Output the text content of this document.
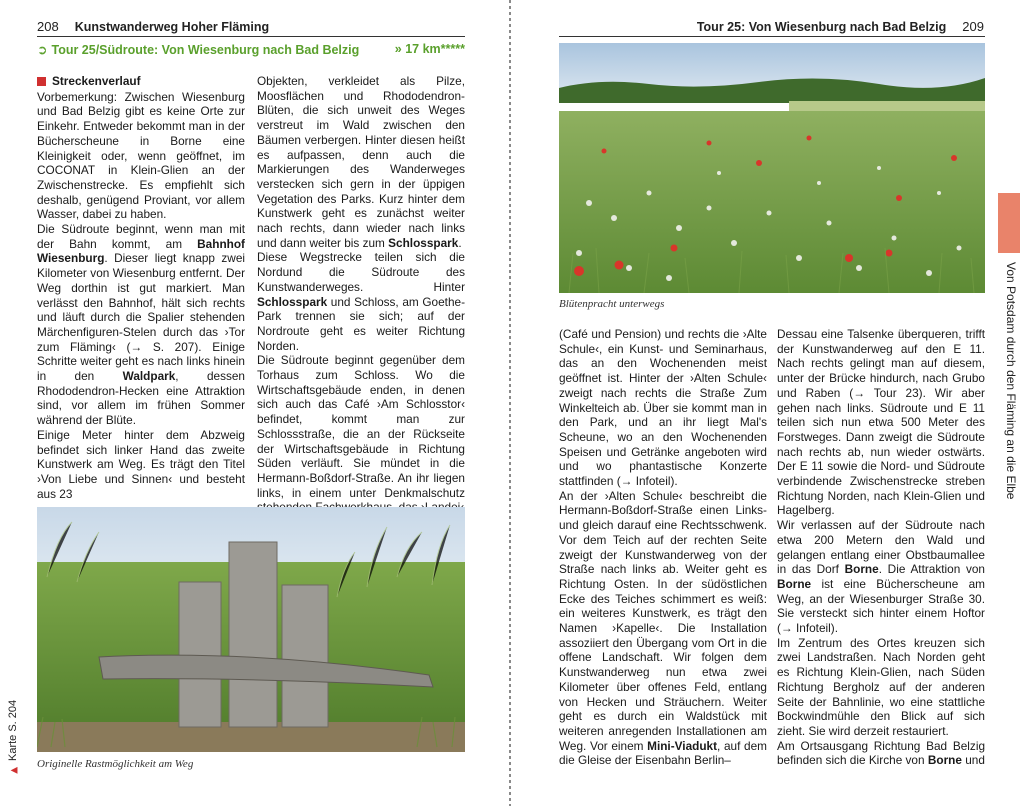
208 Kunstwanderweg Hoher Fläming
➲ Tour 25/Südroute: Von Wiesenburg nach Bad Belzig	» 17 km*****
Streckenverlauf

Vorbemerkung: Zwischen Wiesenburg und Bad Belzig gibt es keine Orte zur Einkehr. Entweder bekommt man in der Bücherscheune in Borne eine Kleinigkeit oder, wenn geöffnet, im COCONAT in Klein-Glien an der Zwischenstrecke. Es empfiehlt sich deshalb, genügend Proviant, vor allem Wasser, dabei zu haben.

Die Südroute beginnt, wenn man mit der Bahn kommt, am Bahnhof Wiesenburg. Dieser liegt knapp zwei Kilometer von Wiesenburg entfernt. Der Weg dorthin ist gut markiert. Man verlässt den Bahnhof, hält sich rechts und läuft durch die Spalier stehenden Märchenfiguren-Stelen durch das ›Tor zum Fläming‹ (→ S. 207). Einige Schritte weiter geht es nach links hinein in den Waldpark, dessen Rhododendron-Hecken eine Attraktion sind, vor allem im frühen Sommer während der Blüte.

Einige Meter hinter dem Abzweig befindet sich linker Hand das zweite Kunstwerk am Weg. Es trägt den Titel ›Von Liebe und Sinnen‹ und besteht aus 23

Objekten, verkleidet als Pilze, Moosflächen und Rhododendron-Blüten, die sich unweit des Weges verstreut im Wald zwischen den Bäumen verbergen. Hinter diesen heißt es aufpassen, denn auch die Markierungen des Wanderweges verstecken sich gern in der üppigen Vegetation des Parks. Kurz hinter dem Kunstwerk geht es zunächst weiter nach rechts, dann wieder nach links und dann weiter bis zum Schlosspark.

Diese Wegstrecke teilen sich die Nordund die Südroute des Kunstwanderweges. Hinter Schlosspark und Schloss, am Goethe-Park trennen sie sich; auf der Nordroute geht es weiter Richtung Norden.

Die Südroute beginnt gegenüber dem Torhaus zum Schloss. Wo die Wirtschaftsgebäude enden, in denen sich auch das Café ›Am Schlosstor‹ befindet, kommt man zur Schlossstraße, die an der Rückseite der Wirtschaftsgebäude in Richtung Süden verläuft. Sie mündet in die Hermann-Boßdorf-Straße. An ihr liegen links, in einem unter Denkmalschutz

Originelle Rastmöglichkeit am Weg
▶
Karte S. 204
Tour 25: Von Wiesenburg nach Bad Belzig 209
Blütenpracht unterwegs

(Café und Pension) und rechts die ›Alte Schule‹, ein Kunst- und Seminarhaus, das an den Wochenenden meist geöffnet ist. Hinter der ›Alten Schule‹ zweigt nach rechts die Straße Zum Winkelteich ab. Über sie kommt man in den Park, und an ihr liegt Mal's Scheune, wo an den Wochenenden Speisen und Getränke angeboten wird und wo phantastische Konzerte stattfinden (→ Infoteil).

An der ›Alten Schule‹ beschreibt die Hermann-Boßdorf-Straße einen Links- und gleich darauf eine Rechtsschwenk. Vor dem Teich auf der rechten Seite zweigt der Kunstwanderweg von der Straße nach links ab. Weiter geht es Richtung Osten. In der südöstlichen Ecke des Teiches schimmert es weiß: ein weiteres Kunstwerk, es trägt den Namen ›Kapelle‹. Die Installation assoziiert den Übergang vom Ort in die offene Landschaft. Wir folgen dem Kunstwanderweg nun etwa zwei Kilometer über offenes Feld, entlang von Hecken und Sträuchern. Weiter geht es durch ein Waldstück mit weiteren anregenden Installationen am Weg. Vor einem Mini-Viadukt, auf dem die Gleise der Eisenbahn Berlin–

Dessau eine Talsenke überqueren, trifft der Kunstwanderweg auf den E 11. Nach rechts gelingt man auf diesem, unter der Brücke hindurch, nach Grubo und Raben (→ Tour 23). Wir aber gehen nach links. Südroute und E 11 teilen sich nun etwa 500 Meter des Forstweges. Dann zweigt die Südroute nach rechts ab, nun wieder ostwärts. Der E 11 sowie die Nord- und Südroute verbindende Zwischenstrecke streben Richtung Norden, nach Klein-Glien und Hagelberg.

Wir verlassen auf der Südroute nach etwa 200 Metern den Wald und gelangen entlang einer Obstbaumallee in das Dorf Borne. Die Attraktion von Borne ist eine Bücherscheune am Weg, an der Wiesenburger Straße 30. Sie versteckt sich hinter einem Hoftor (→ Infoteil).

Im Zentrum des Ortes kreuzen sich zwei Landstraßen. Nach Norden geht es Richtung Klein-Glien, nach Süden Richtung Bergholz auf der anderen Seite der Bahnlinie, wo eine stattliche Bockwindmühle den Blick auf sich zieht. Sie wird derzeit restauriert.

Am Ortsausgang Richtung Bad Belzig befinden sich die Kirche von Borne und

Von Potsdam durch den Fläming an die Elbe
